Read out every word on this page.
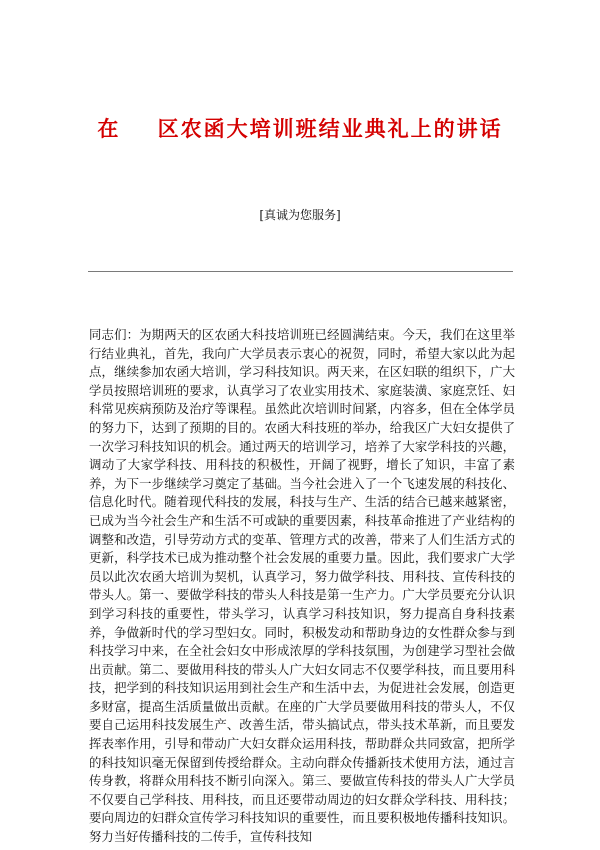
在    区农函大培训班结业典礼上的讲话
[真诚为您服务]

同志们：为期两天的区农函大科技培训班已经圆满结束。今天，我们在这里举行结业典礼，首先，我向广大学员表示衷心的祝贺，同时，希望大家以此为起点，继续参加农函大培训，学习科技知识。两天来，在区妇联的组织下，广大学员按照培训班的要求，认真学习了农业实用技术、家庭装潢、家庭烹饪、妇科常见疾病预防及治疗等课程。虽然此次培训时间紧，内容多，但在全体学员的努力下，达到了预期的目的。农函大科技班的举办，给我区广大妇女提供了一次学习科技知识的机会。通过两天的培训学习，培养了大家学科技的兴趣，调动了大家学科技、用科技的积极性，开阔了视野，增长了知识，丰富了素养，为下一步继续学习奠定了基础。当今社会进入了一个飞速发展的科技化、信息化时代。随着现代科技的发展，科技与生产、生活的结合已越来越紧密，已成为当今社会生产和生活不可或缺的重要因素，科技革命推进了产业结构的调整和改造，引导劳动方式的变革、管理方式的改善，带来了人们生活方式的更新，科学技术已成为推动整个社会发展的重要力量。因此，我们要求广大学员以此次农函大培训为契机，认真学习，努力做学科技、用科技、宣传科技的带头人。第一、要做学科技的带头人科技是第一生产力。广大学员要充分认识到学习科技的重要性，带头学习，认真学习科技知识，努力提高自身科技素养，争做新时代的学习型妇女。同时，积极发动和帮助身边的女性群众参与到科技学习中来，在全社会妇女中形成浓厚的学科技氛围，为创建学习型社会做出贡献。第二、要做用科技的带头人广大妇女同志不仅要学科技，而且要用科技，把学到的科技知识运用到社会生产和生活中去，为促进社会发展，创造更多财富，提高生活质量做出贡献。在座的广大学员要做用科技的带头人，不仅要自己运用科技发展生产、改善生活，带头搞试点，带头技术革新，而且要发挥表率作用，引导和带动广大妇女群众运用科技，帮助群众共同致富，把所学的科技知识毫无保留到传授给群众。主动向群众传播新技术使用方法，通过言传身教，将群众用科技不断引向深入。第三、要做宣传科技的带头人广大学员不仅要自己学科技、用科技，而且还要带动周边的妇女群众学科技、用科技；要向周边的妇群众宣传学习科技知识的重要性，而且要积极地传播科技知识。努力当好传播科技的二传手，宣传科技知
